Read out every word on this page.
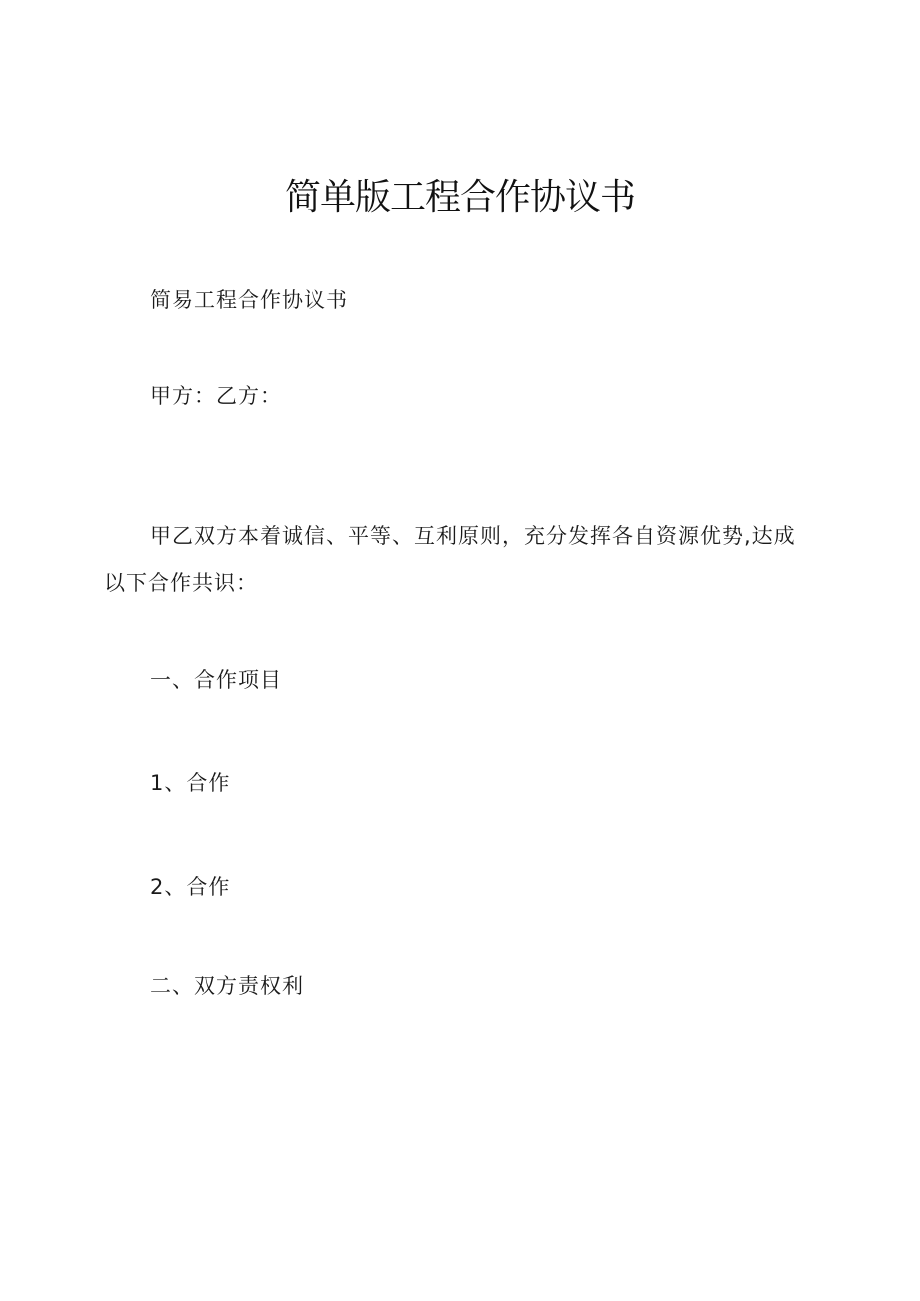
简单版工程合作协议书

简易工程合作协议书

甲方：乙方：

甲乙双方本着诚信、平等、互利原则，充分发挥各自资源优势,达成以下合作共识：

一、合作项目

1、合作

2、合作

二、双方责权利
